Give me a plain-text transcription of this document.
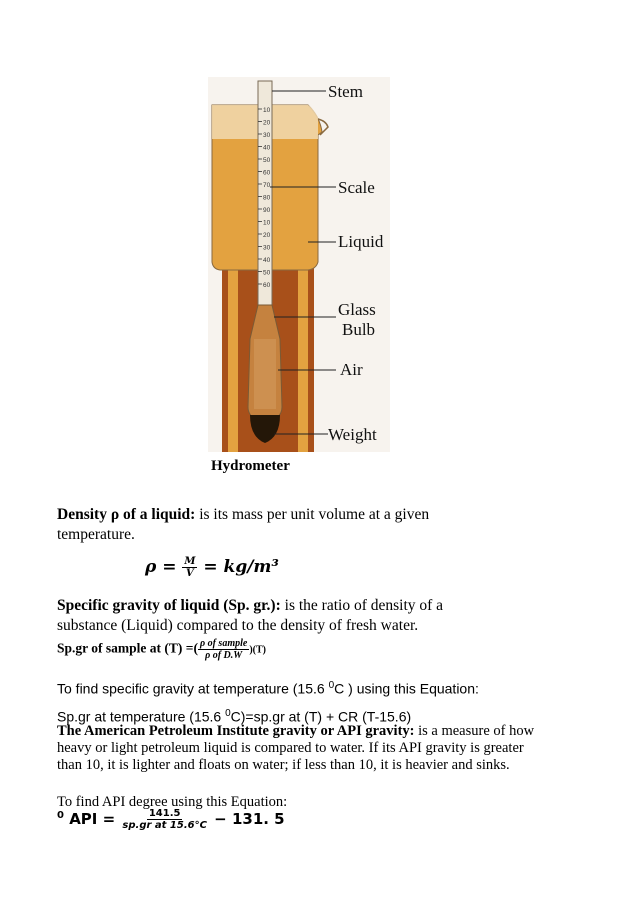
10
20
30
40
50
60
70
80
90
10
20
30
40
50
60
Stem
Scale
Liquid
Glass
Bulb
Air
Weight
Hydrometer
Density ρ of a liquid: is its mass per unit volume at a given temperature.
$\rho = \frac{M}{V} = kg/m^3$
Specific gravity of liquid (Sp. gr.): is the ratio of density of a substance (Liquid) compared to the density of fresh water.
Sp.gr of sample at (T) =( $\frac{\text{ρ of sample}}{\text{ρ of D.W}} )(T)$
To find specific gravity at temperature (15.6 $^0$C ) using this Equation:
Sp.gr at temperature (15.6 $^0$C)=sp.gr at (T) + CR (T-15.6)
The American Petroleum Institute gravity or API gravity: is a measure of how heavy or light petroleum liquid is compared to water. If its API gravity is greater than 10, it is lighter and floats on water; if less than 10, it is heavier and sinks.
To find API degree using this Equation:
$^0$ API = $\frac{141.5}{\text{sp.gr at 15.6°C}} - 131$. 5
